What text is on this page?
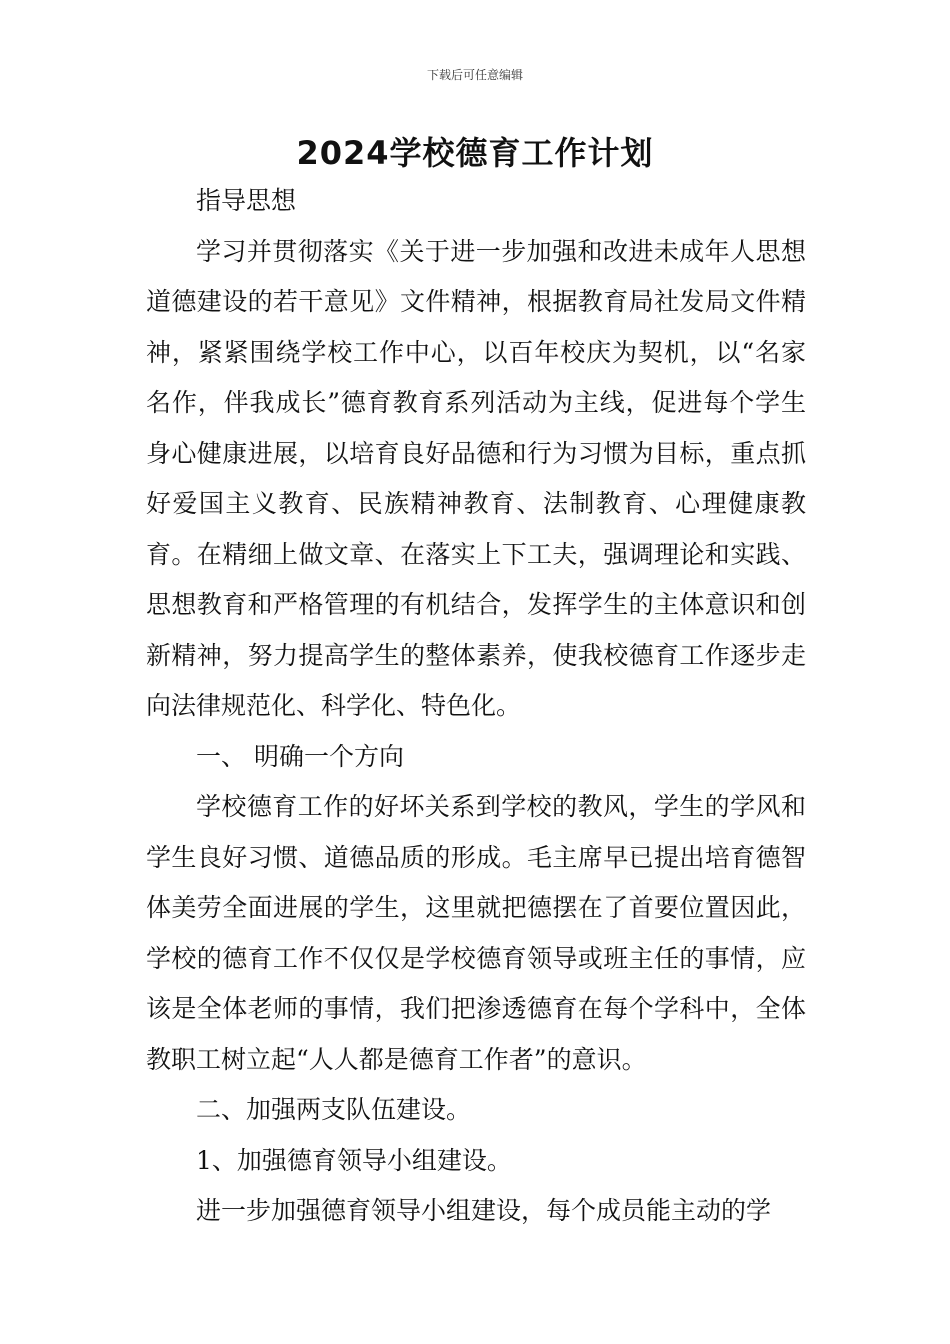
下载后可任意编辑
2024学校德育工作计划

指导思想

学习并贯彻落实《关于进一步加强和改进未成年人思想道德建设的若干意见》文件精神，根据教育局社发局文件精神，紧紧围绕学校工作中心，以百年校庆为契机，以“名家名作，伴我成长”德育教育系列活动为主线，促进每个学生身心健康进展，以培育良好品德和行为习惯为目标，重点抓好爱国主义教育、民族精神教育、法制教育、心理健康教育。在精细上做文章、在落实上下工夫，强调理论和实践、思想教育和严格管理的有机结合，发挥学生的主体意识和创新精神，努力提高学生的整体素养，使我校德育工作逐步走向法律规范化、科学化、特色化。

一、 明确一个方向

学校德育工作的好坏关系到学校的教风，学生的学风和学生良好习惯、道德品质的形成。毛主席早已提出培育德智体美劳全面进展的学生，这里就把德摆在了首要位置因此，学校的德育工作不仅仅是学校德育领导或班主任的事情，应该是全体老师的事情，我们把渗透德育在每个学科中，全体教职工树立起“人人都是德育工作者”的意识。

二、加强两支队伍建设。

1、加强德育领导小组建设。

进一步加强德育领导小组建设，每个成员能主动的学
